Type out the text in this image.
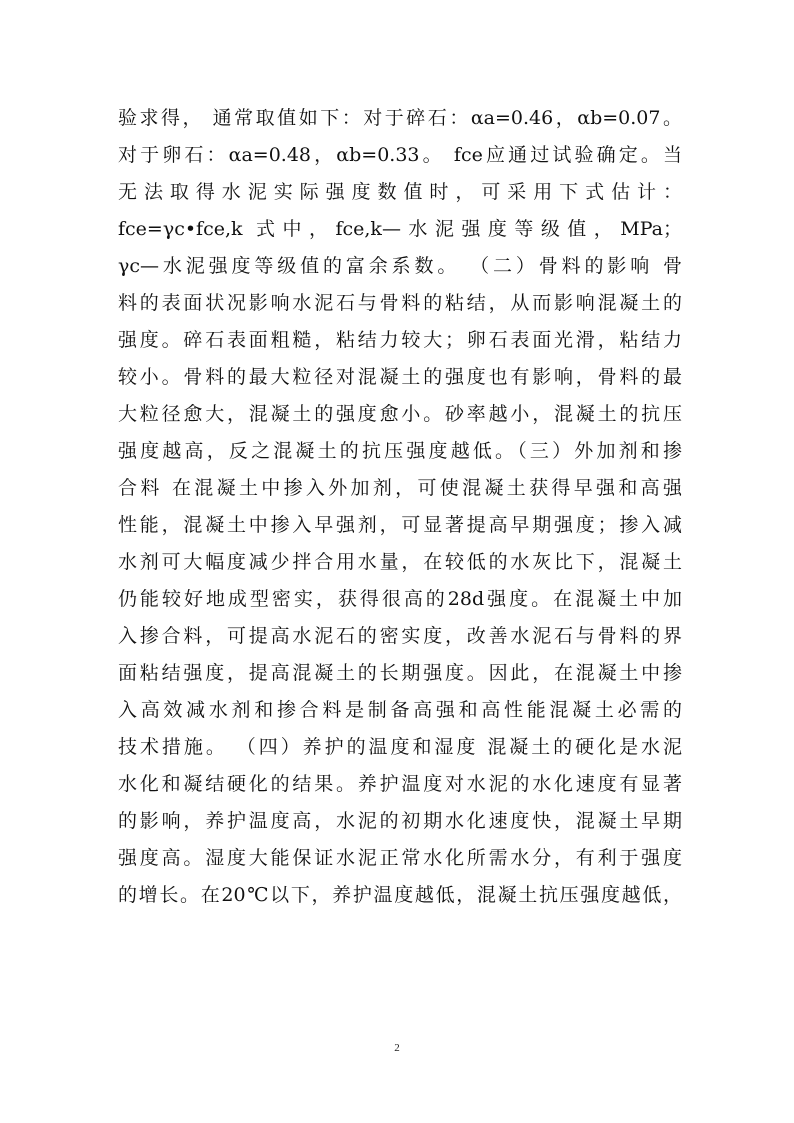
验求得， 通常取值如下：对于碎石：αa=0.46，αb=0.07。
对于卵石：αa=0.48，αb=0.33。 fce应通过试验确定。当
无法取得水泥实际强度数值时，可采用下式估计：
fce=γc•fce,k 式中，fce,k—水泥强度等级值，MPa；
γc—水泥强度等级值的富余系数。 （二）骨料的影响 骨
料的表面状况影响水泥石与骨料的粘结，从而影响混凝土的
强度。碎石表面粗糙，粘结力较大；卵石表面光滑，粘结力
较小。骨料的最大粒径对混凝土的强度也有影响，骨料的最
大粒径愈大，混凝土的强度愈小。砂率越小，混凝土的抗压
强度越高，反之混凝土的抗压强度越低。（三）外加剂和掺
合料 在混凝土中掺入外加剂，可使混凝土获得早强和高强
性能，混凝土中掺入早强剂，可显著提高早期强度；掺入减
水剂可大幅度减少拌合用水量，在较低的水灰比下，混凝土
仍能较好地成型密实，获得很高的28d强度。在混凝土中加
入掺合料，可提高水泥石的密实度，改善水泥石与骨料的界
面粘结强度，提高混凝土的长期强度。因此，在混凝土中掺
入高效减水剂和掺合料是制备高强和高性能混凝土必需的
技术措施。 （四）养护的温度和湿度 混凝土的硬化是水泥
水化和凝结硬化的结果。养护温度对水泥的水化速度有显著
的影响，养护温度高，水泥的初期水化速度快，混凝土早期
强度高。湿度大能保证水泥正常水化所需水分，有利于强度
的增长。在20℃以下，养护温度越低，混凝土抗压强度越低，
2
